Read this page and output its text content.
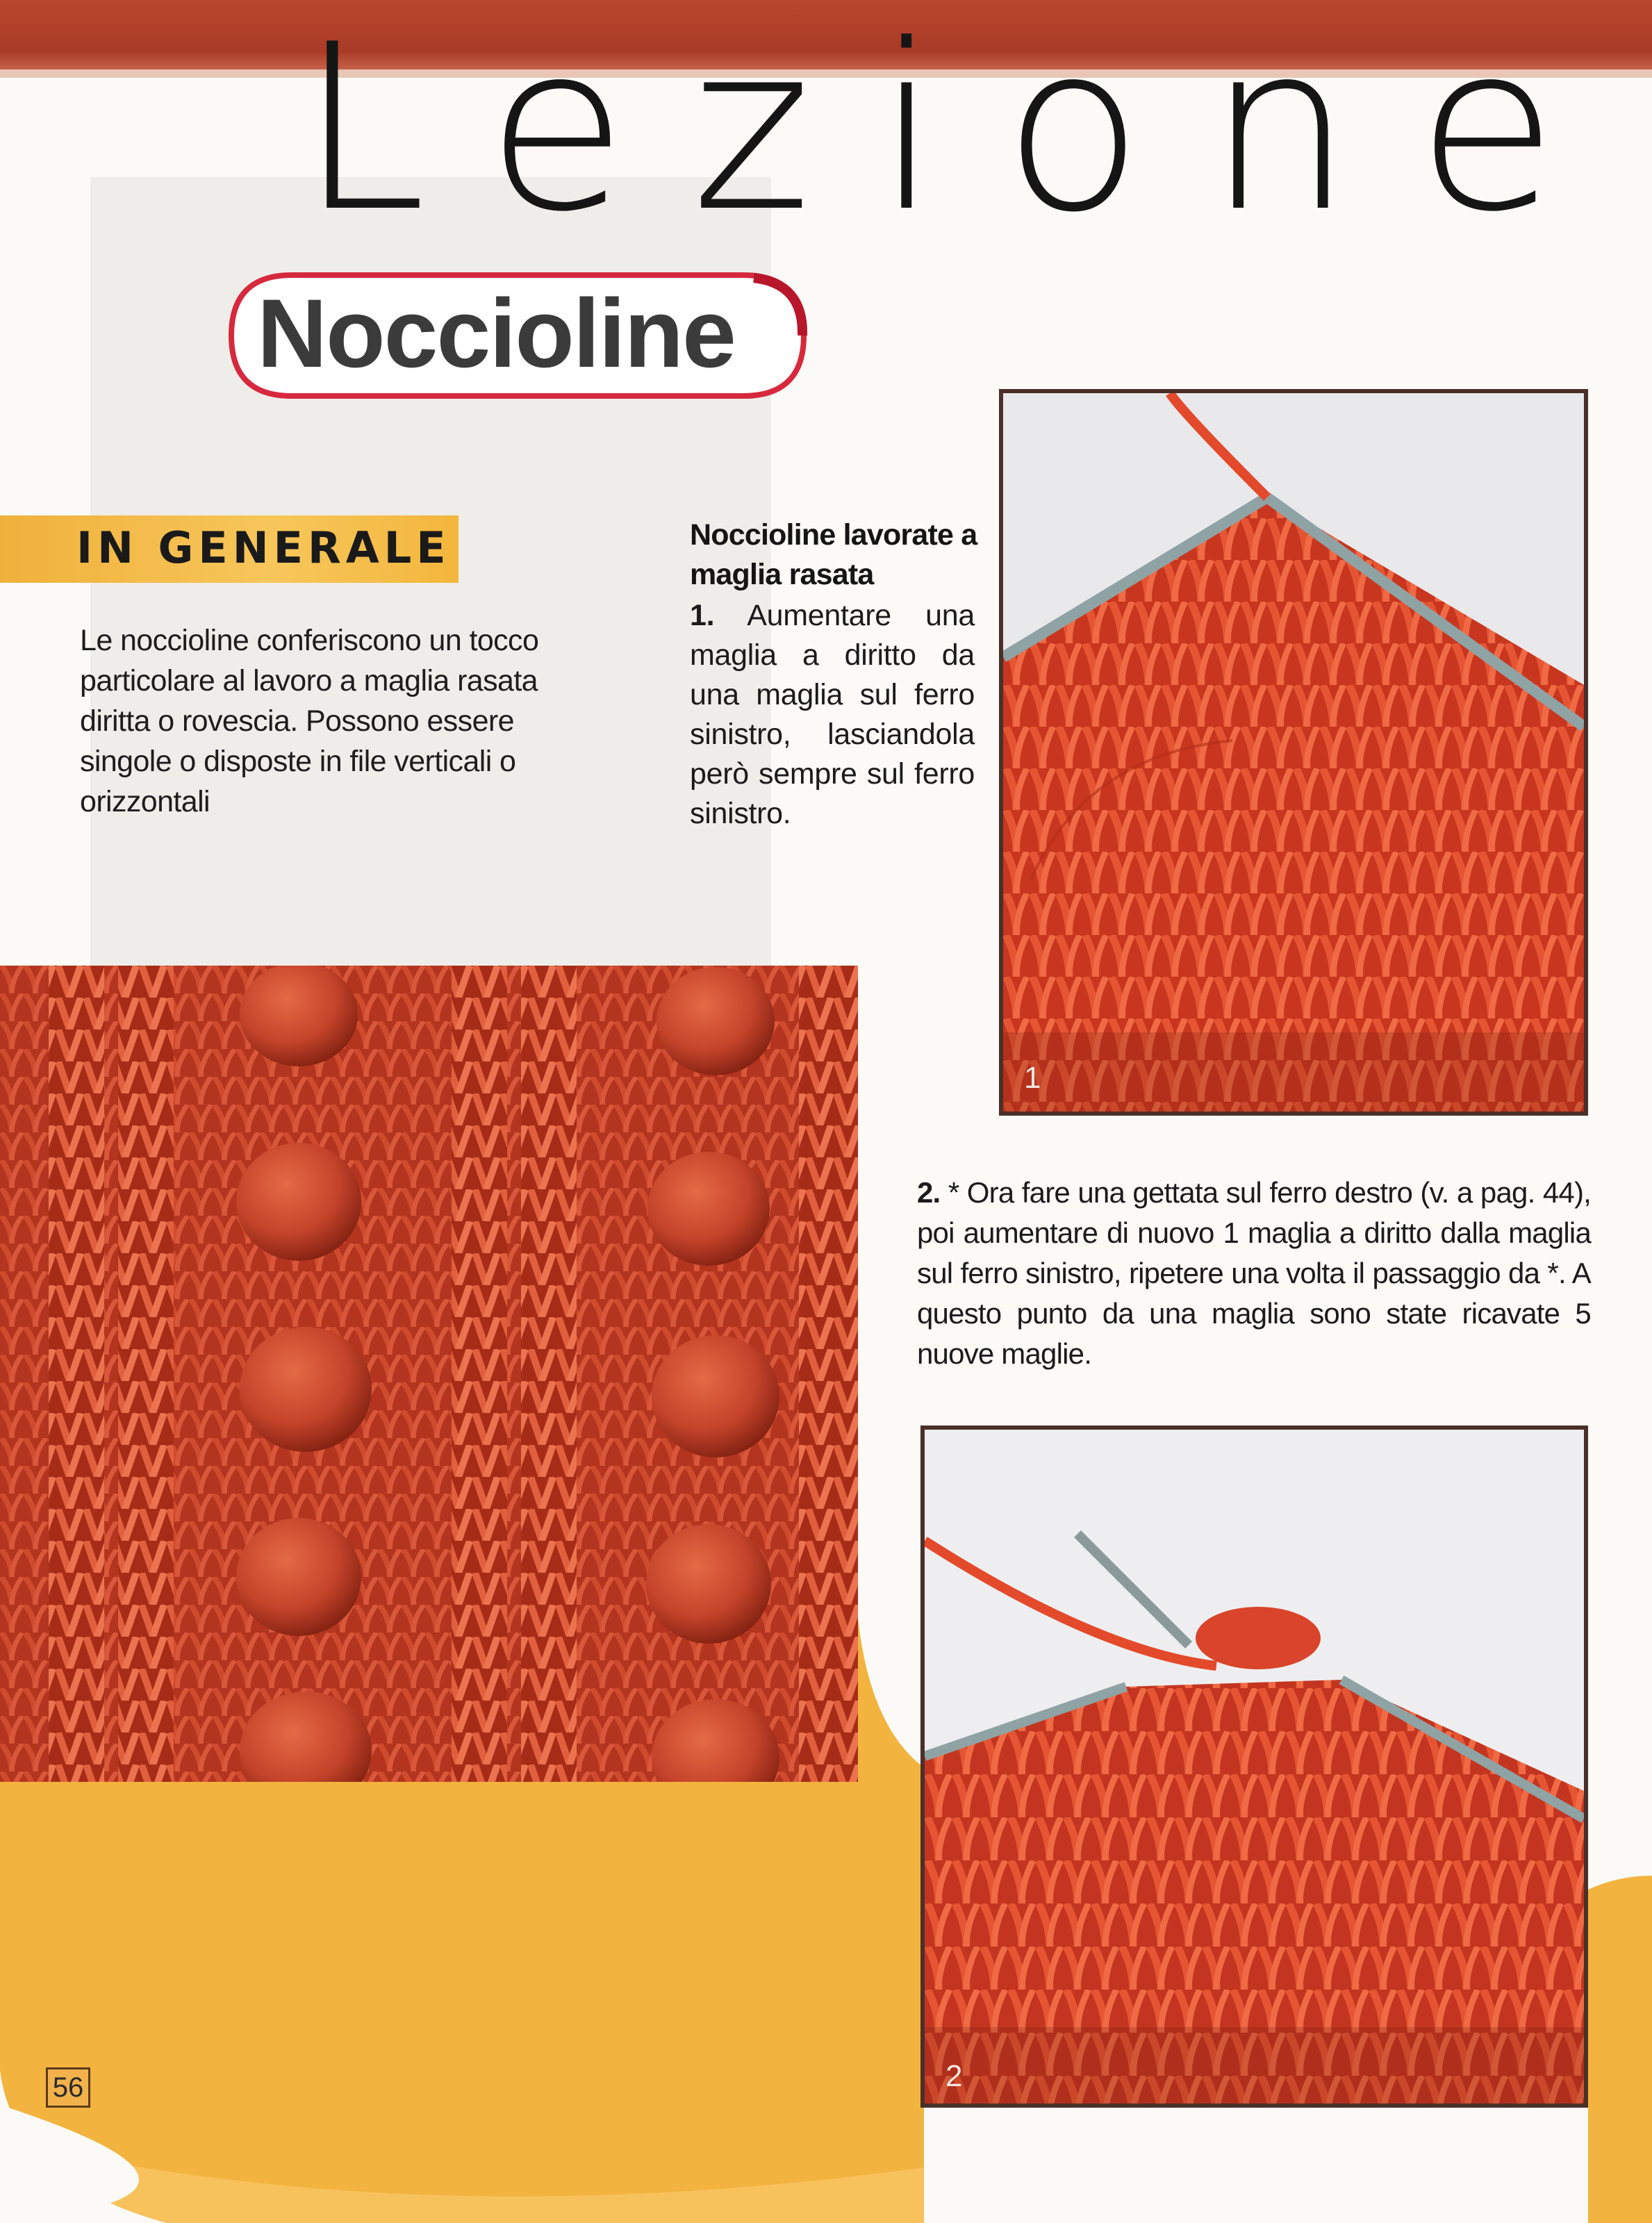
Lezione
Noccioline
IN GENERALE
Le noccioline conferiscono un tocco particolare al lavoro a maglia rasata diritta o rovescia. Possono essere singole o disposte in file verticali o orizzontali
Noccioline lavorate a maglia rasata
1. Aumentare una maglia a diritto da una maglia sul ferro sinistro, lasciandola però sempre sul ferro sinistro.
2. * Ora fare una gettata sul ferro destro (v. a pag. 44), poi aumentare di nuovo 1 maglia a diritto dalla maglia sul ferro sinistro, ripetere una volta il passaggio da *. A questo punto da una maglia sono state ricavate 5 nuove maglie.
1
2
56
